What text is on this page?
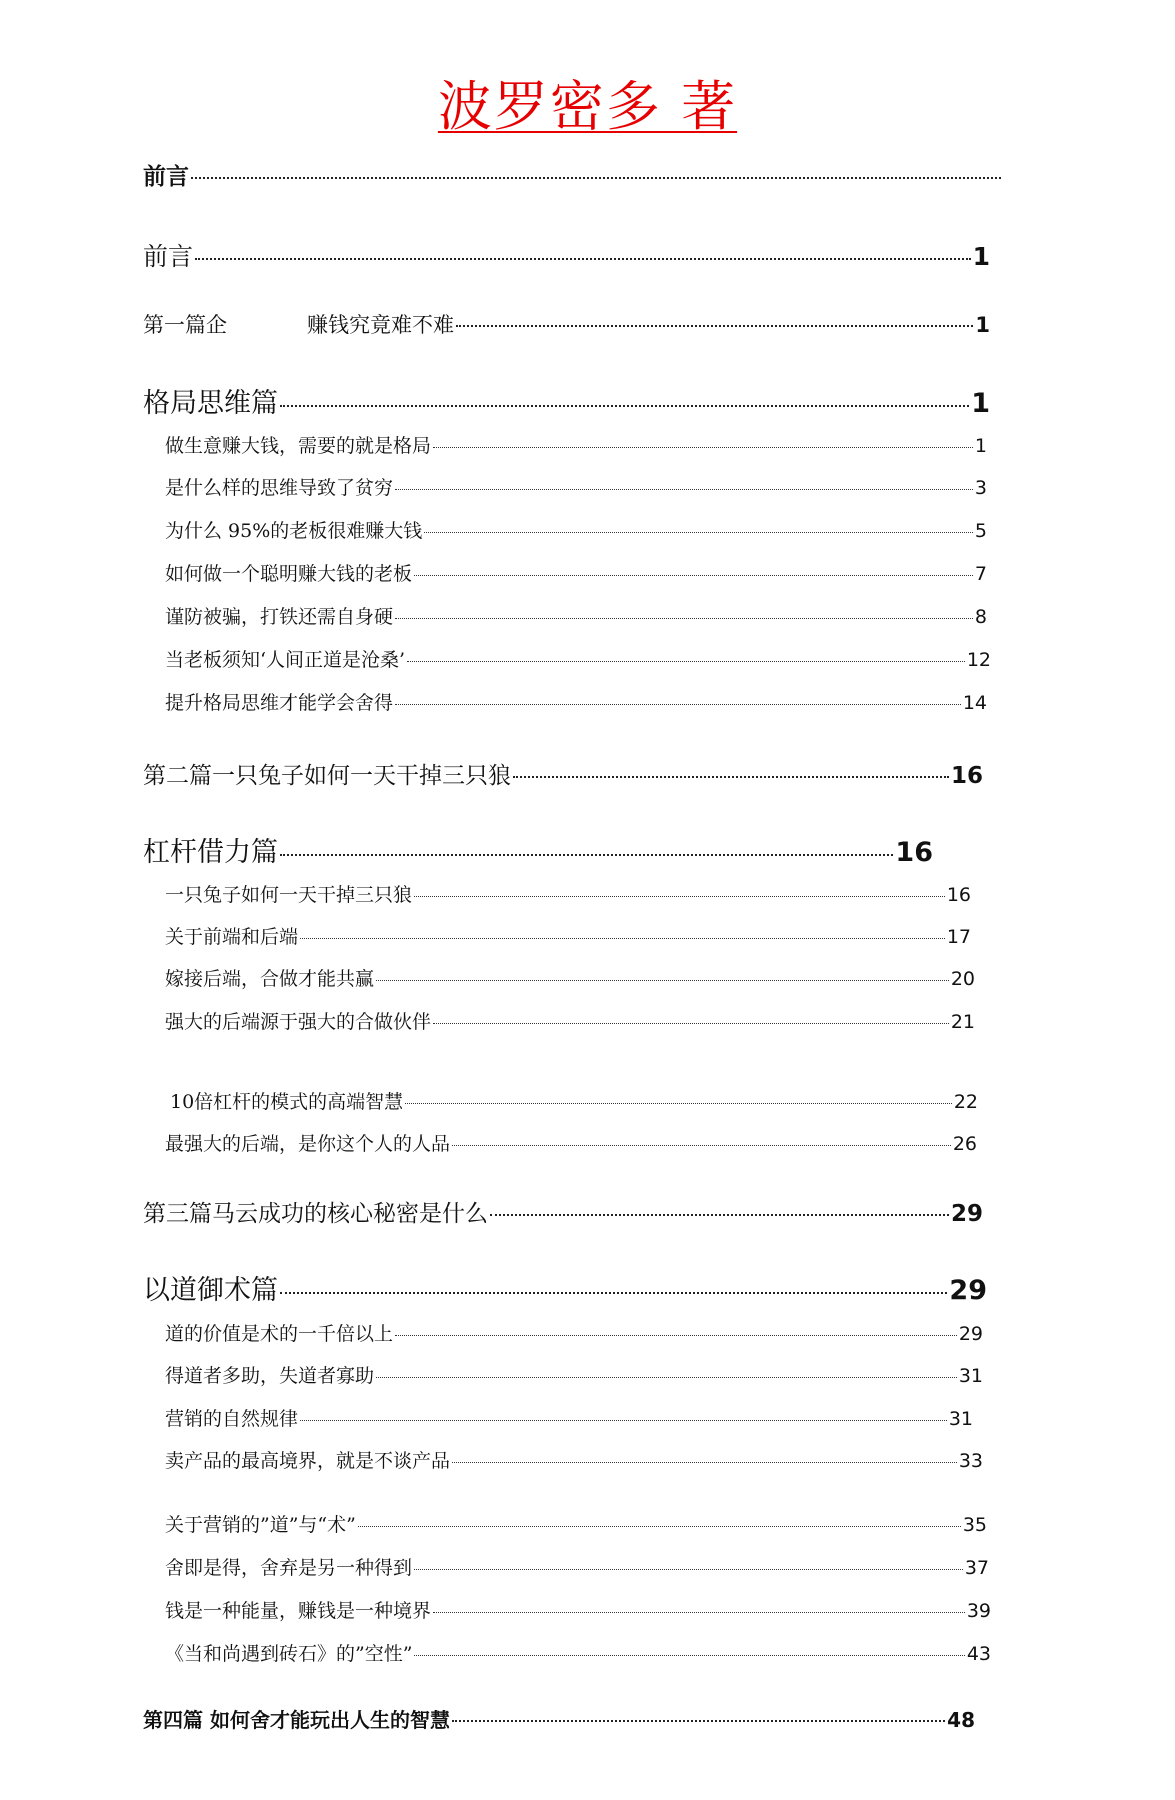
波罗密多 著
前言
前言	1
第一篇企	赚钱究竟难不难	1
格局思维篇	1
做生意赚大钱，需要的就是格局	1
是什么样的思维导致了贫穷	3
为什么 95%的老板很难赚大钱	5
如何做一个聪明赚大钱的老板	7
谨防被骗，打铁还需自身硬	8
当老板须知‘人间正道是沧桑’	12
提升格局思维才能学会舍得	14
第二篇一只兔子如何一天干掉三只狼	16
杠杆借力篇	16
一只兔子如何一天干掉三只狼	16
关于前端和后端	17
嫁接后端，合做才能共赢	20
强大的后端源于强大的合做伙伴	21
10倍杠杆的模式的高端智慧	22
最强大的后端，是你这个人的人品	26
第三篇马云成功的核心秘密是什么	29
以道御术篇	29
道的价值是术的一千倍以上	29
得道者多助，失道者寡助	31
营销的自然规律	31
卖产品的最高境界，就是不谈产品	33
关于营销的”道”与“术”	35
舍即是得，舍弃是另一种得到	37
钱是一种能量，赚钱是一种境界	39
《当和尚遇到砖石》的”空性”	43
第四篇 如何舍才能玩出人生的智慧	48
